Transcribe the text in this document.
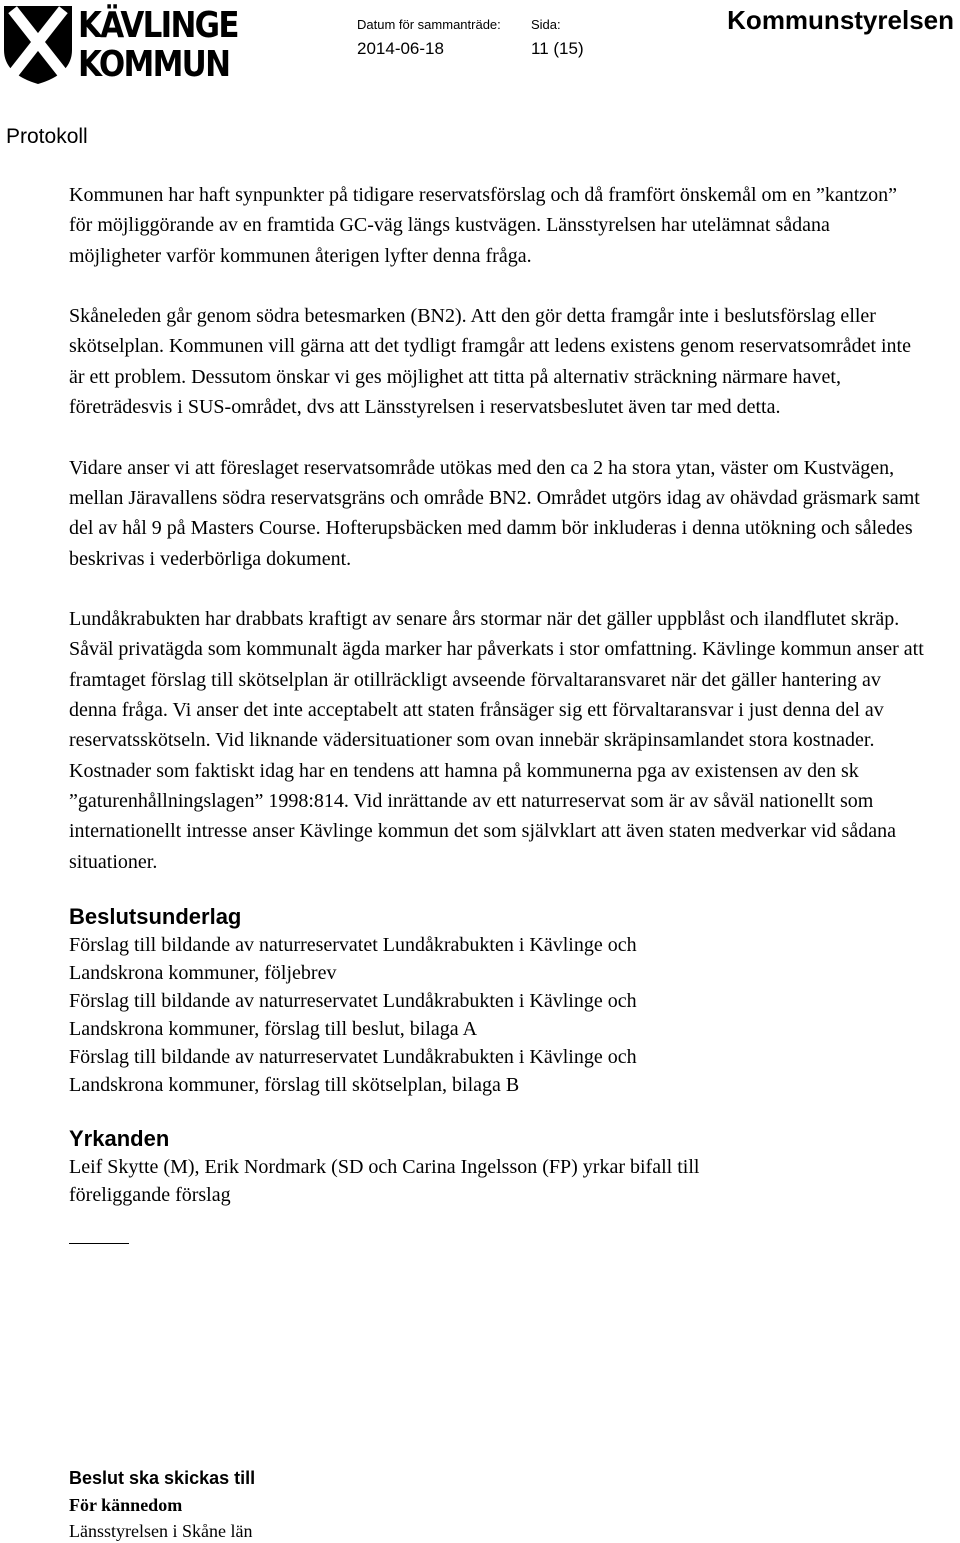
KÄVLINGE
KOMMUN
Datum för sammanträde:
2014-06-18
Sida:
11 (15)
Kommunstyrelsen
Protokoll

Kommunen har haft synpunkter på tidigare reservatsförslag och då framfört önskemål om en ”kantzon” för möjliggörande av en framtida GC-väg längs kustvägen. Länsstyrelsen har utelämnat sådana möjligheter varför kommunen återigen lyfter denna fråga.

Skåneleden går genom södra betesmarken (BN2). Att den gör detta framgår inte i beslutsförslag eller skötselplan. Kommunen vill gärna att det tydligt framgår att ledens existens genom reservatsområdet inte är ett problem. Dessutom önskar vi ges möjlighet att titta på alternativ sträckning närmare havet, företrädesvis i SUS-området, dvs att Länsstyrelsen i reservatsbeslutet även tar med detta.

Vidare anser vi att föreslaget reservatsområde utökas med den ca 2 ha stora ytan, väster om Kustvägen, mellan Järavallens södra reservatsgräns och område BN2. Området utgörs idag av ohävdad gräsmark samt del av hål 9 på Masters Course. Hofterupsbäcken med damm bör inkluderas i denna utökning och således beskrivas i vederbörliga dokument.

Lundåkrabukten har drabbats kraftigt av senare års stormar när det gäller uppblåst och ilandflutet skräp. Såväl privatägda som kommunalt ägda marker har påverkats i stor omfattning. Kävlinge kommun anser att framtaget förslag till skötselplan är otillräckligt avseende förvaltaransvaret när det gäller hantering av denna fråga. Vi anser det inte acceptabelt att staten frånsäger sig ett förvaltaransvar i just denna del av reservatsskötseln. Vid liknande vädersituationer som ovan innebär skräpinsamlandet stora kostnader. Kostnader som faktiskt idag har en tendens att hamna på kommunerna pga av existensen av den sk ”gaturenhållningslagen” 1998:814. Vid inrättande av ett naturreservat som är av såväl nationellt som internationellt intresse anser Kävlinge kommun det som självklart att även staten medverkar vid sådana situationer.

Beslutsunderlag
Förslag till bildande av naturreservatet Lundåkrabukten i Kävlinge och
Landskrona kommuner, följebrev
Förslag till bildande av naturreservatet Lundåkrabukten i Kävlinge och
Landskrona kommuner, förslag till beslut, bilaga A
Förslag till bildande av naturreservatet Lundåkrabukten i Kävlinge och
Landskrona kommuner, förslag till skötselplan, bilaga B
Yrkanden
Leif Skytte (M), Erik Nordmark (SD och Carina Ingelsson (FP) yrkar bifall till
föreliggande förslag
Beslut ska skickas till
För kännedom
Länsstyrelsen i Skåne län
